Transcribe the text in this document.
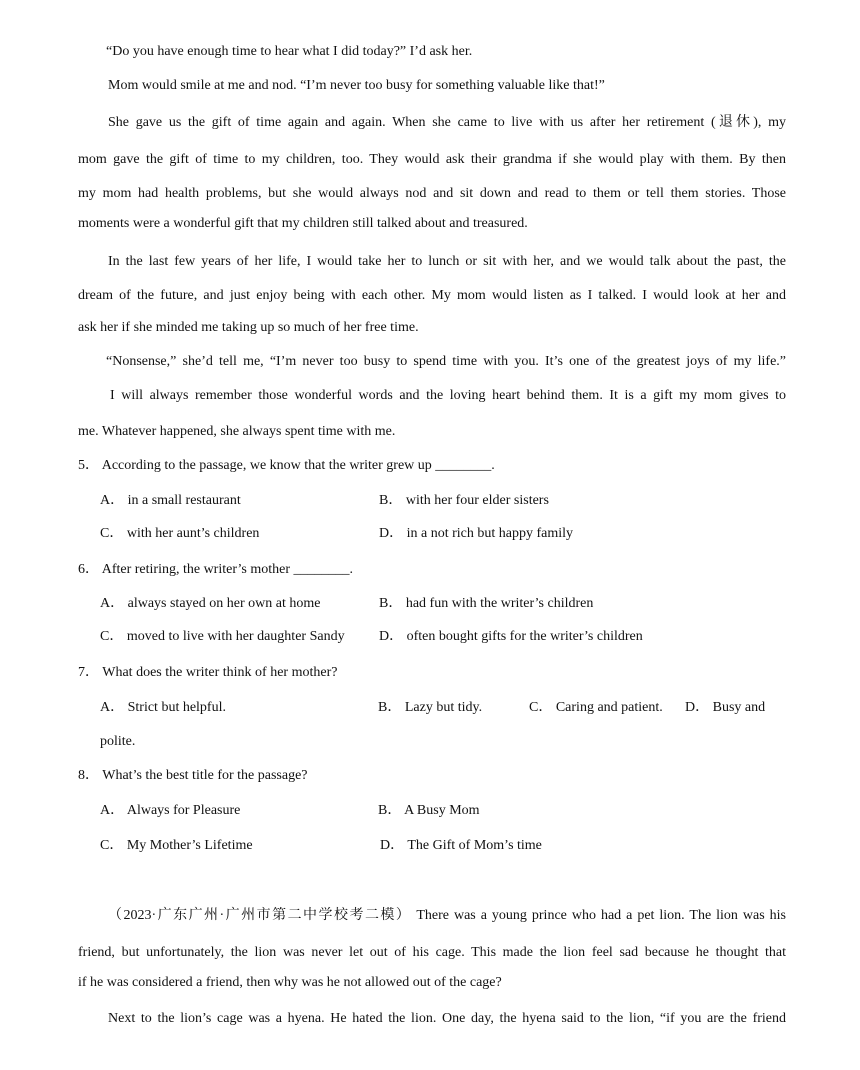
“Do you have enough time to hear what I did today?” I’d ask her.
Mom would smile at me and nod. “I’m never too busy for something valuable like that!”
She gave us the gift of time again and again. When she came to live with us after her retirement (退休), my
mom gave the gift of time to my children, too. They would ask their grandma if she would play with them. By then
my mom had health problems, but she would always nod and sit down and read to them or tell them stories. Those
moments were a wonderful gift that my children still talked about and treasured.
In the last few years of her life, I would take her to lunch or sit with her, and we would talk about the past, the
dream of the future, and just enjoy being with each other. My mom would listen as I talked. I would look at her and
ask her if she minded me taking up so much of her free time.
“Nonsense,” she’d tell me, “I’m never too busy to spend time with you. It’s one of the greatest joys of my life.”
I will always remember those wonderful words and the loving heart behind them. It is a gift my mom gives to
me. Whatever happened, she always spent time with me.
5． According to the passage, we know that the writer grew up ________.
A． in a small restaurant	B． with her four elder sisters
C． with her aunt’s children	D． in a not rich but happy family
6． After retiring, the writer’s mother ________.
A． always stayed on her own at home	B． had fun with the writer’s children
C． moved to live with her daughter Sandy D． often bought gifts for the writer’s children
7． What does the writer think of her mother?
A． Strict but helpful.	B． Lazy but tidy.	C． Caring and patient. D． Busy and
polite.
8． What’s the best title for the passage?
A． Always for Pleasure	B． A Busy Mom
C． My Mother’s Lifetime	D． The Gift of Mom’s time
（2023·广东广州·广州市第二中学校考二模） There was a young prince who had a pet lion. The lion was his
friend, but unfortunately, the lion was never let out of his cage. This made the lion feel sad because he thought that
if he was considered a friend, then why was he not allowed out of the cage?
Next to the lion’s cage was a hyena. He hated the lion. One day, the hyena said to the lion, “if you are the friend
